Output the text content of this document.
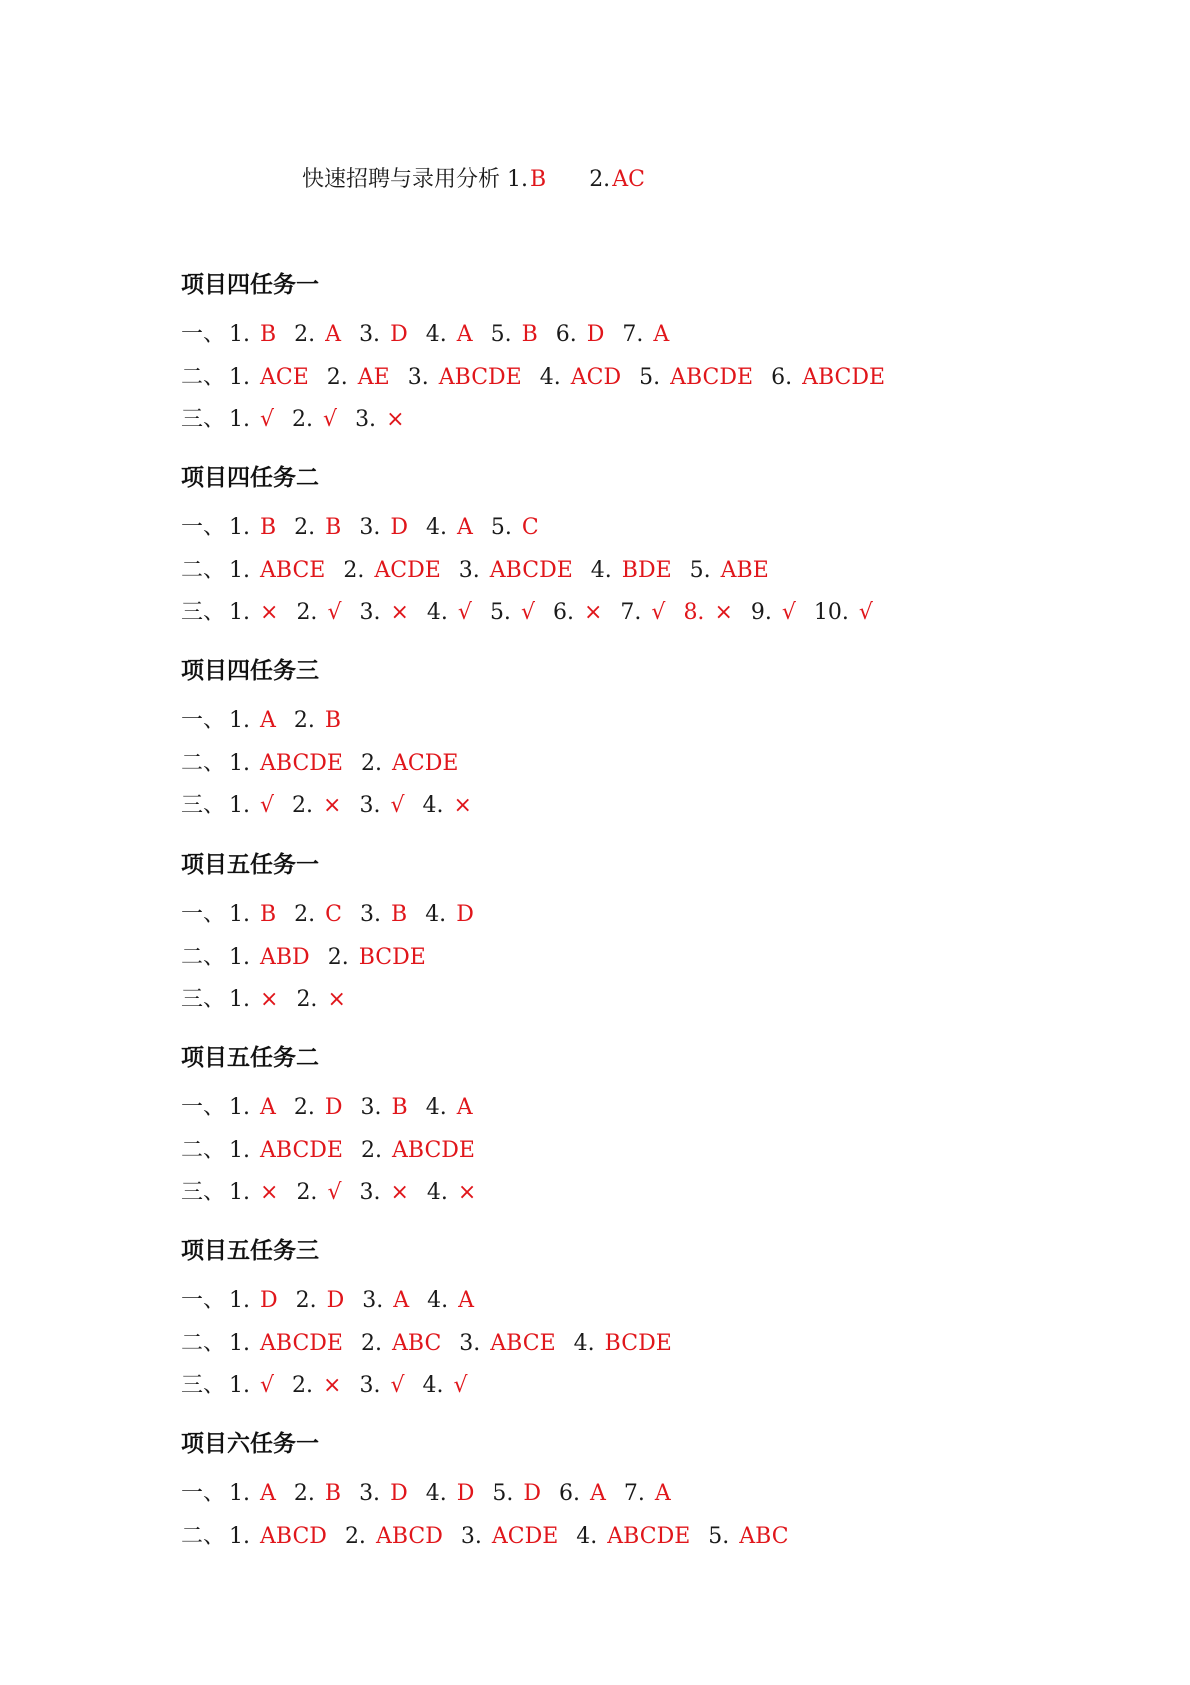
快速招聘与录用分析 1.B 2.AC
项目四任务一
一、 1. B 2. A 3. D 4. A 5. B 6. D 7. A
二、 1. ACE 2. AE 3. ABCDE 4. ACD 5. ABCDE 6. ABCDE
三、 1. √ 2. √ 3. ×
项目四任务二
一、 1. B 2. B 3. D 4. A 5. C
二、 1. ABCE 2. ACDE 3. ABCDE 4. BDE 5. ABE
三、 1. × 2. √ 3. × 4. √ 5. √ 6. × 7. √ 8. × 9. √ 10. √
项目四任务三
一、 1. A 2. B
二、 1. ABCDE 2. ACDE
三、 1. √ 2. × 3. √ 4. ×
项目五任务一
一、 1. B 2. C 3. B 4. D
二、 1. ABD 2. BCDE
三、 1. × 2. ×
项目五任务二
一、 1. A 2. D 3. B 4. A
二、 1. ABCDE 2. ABCDE
三、 1. × 2. √ 3. × 4. ×
项目五任务三
一、 1. D 2. D 3. A 4. A
二、 1. ABCDE 2. ABC 3. ABCE 4. BCDE
三、 1. √ 2. × 3. √ 4. √
项目六任务一
一、 1. A 2. B 3. D 4. D 5. D 6. A 7. A
二、 1. ABCD 2. ABCD 3. ACDE 4. ABCDE 5. ABC
